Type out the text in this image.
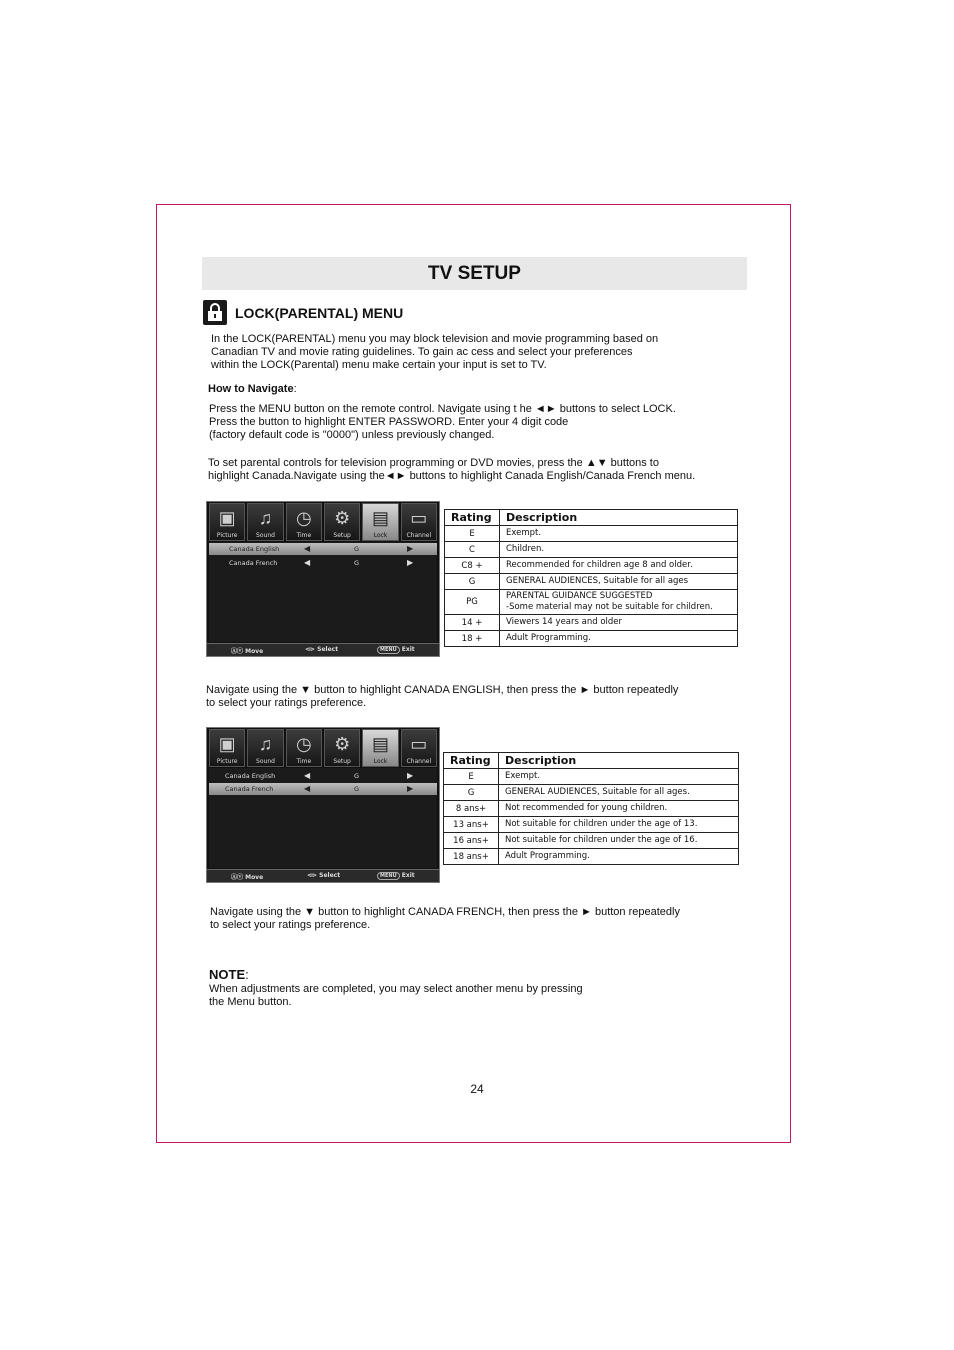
TV SETUP
LOCK(PARENTAL) MENU
In the LOCK(PARENTAL) menu you may block television and movie programming based on
Canadian TV and movie rating guidelines. To gain ac cess and select your preferences
within the LOCK(Parental) menu make certain your input is set to TV.
How to Navigate:
Press the MENU button on the remote control. Navigate using t he ◄► buttons to select LOCK.
Press the button to highlight ENTER PASSWORD. Enter your 4 digit code
(factory default code is "0000") unless previously changed.
To set parental controls for television programming or DVD movies, press the ▲▼ buttons to
highlight Canada.Navigate using the◄► buttons to highlight Canada English/Canada French menu.
▣
Picture
♫
Sound
◷
Time
⚙
Setup
▤
Lock
▭
Channel
Canada English	◀	G	▶
Canada French	◀	G	▶
Ⓐⓥ Move	⊲⊳ Select	MENU Exit
Rating	Description
E	Exempt.
C	Children.
C8 +	Recommended for children age 8 and older.
G	GENERAL AUDIENCES, Suitable for all ages
PG	PARENTAL GUIDANCE SUGGESTED
-Some material may not be suitable for children.
14 +	Viewers 14 years and older
18 +	Adult Programming.
Navigate using the ▼ button to highlight CANADA ENGLISH, then press the ► button repeatedly
to select your ratings preference.
▣
Picture
♫
Sound
◷
Time
⚙
Setup
▤
Lock
▭
Channel
Canada English	◀	G	▶
Canada French	◀	G	▶
Ⓐⓥ Move	⊲⊳ Select	MENU Exit
Rating	Description
E	Exempt.
G	GENERAL AUDIENCES, Suitable for all ages.
8 ans+	Not recommended for young children.
13 ans+	Not suitable for children under the age of 13.
16 ans+	Not suitable for children under the age of 16.
18 ans+	Adult Programming.
Navigate using the ▼ button to highlight CANADA FRENCH, then press the ► button repeatedly
to select your ratings preference.
NOTE:
When adjustments are completed, you may select another menu by pressing
the Menu button.
24
